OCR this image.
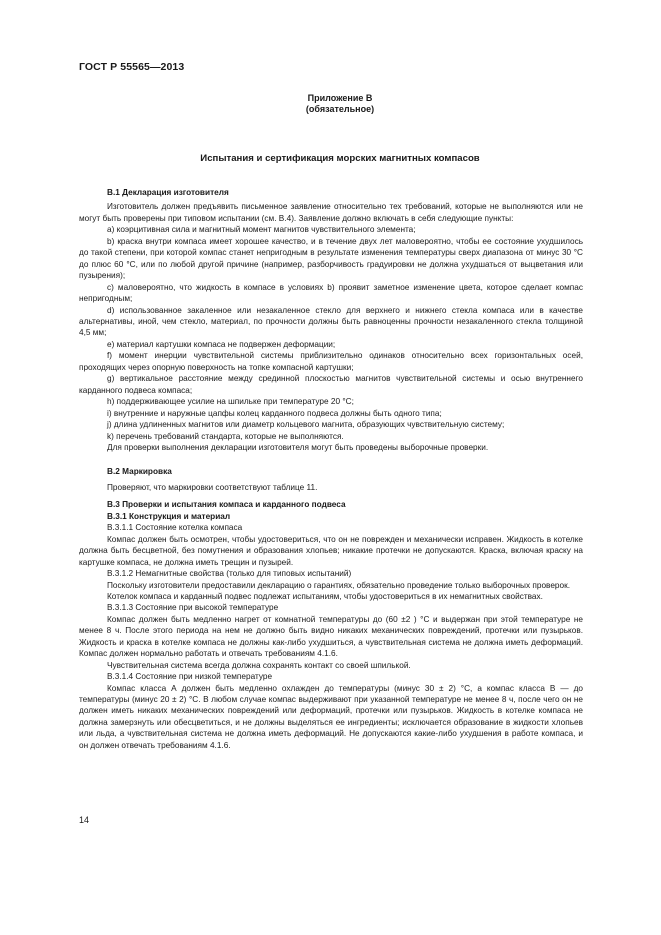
ГОСТ Р 55565—2013
Приложение В
(обязательное)
Испытания и сертификация морских магнитных компасов

В.1 Декларация изготовителя

Изготовитель должен предъявить письменное заявление относительно тех требований, которые не выполняются или не могут быть проверены при типовом испытании (см. В.4). Заявление должно включать в себя следующие пункты:

а) коэрцитивная сила и магнитный момент магнитов чувствительного элемента;

b) краска внутри компаса имеет хорошее качество, и в течение двух лет маловероятно, чтобы ее состояние ухудшилось до такой степени, при которой компас станет непригодным в результате изменения температуры сверх диапазона от минус 30 °C до плюс 60 °C, или по любой другой причине (например, разборчивость градуировки не должна ухудшаться от выцветания или пузырения);

с) маловероятно, что жидкость в компасе в условиях b) проявит заметное изменение цвета, которое сделает компас непригодным;

d) использованное закаленное или незакаленное стекло для верхнего и нижнего стекла компаса или в качестве альтернативы, иной, чем стекло, материал, по прочности должны быть равноценны прочности незакаленного стекла толщиной 4,5 мм;

e) материал картушки компаса не подвержен деформации;

f) момент инерции чувствительной системы приблизительно одинаков относительно всех горизонтальных осей, проходящих через опорную поверхность на топке компасной картушки;

g) вертикальное расстояние между срединной плоскостью магнитов чувствительной системы и осью внутреннего карданного подвеса компаса;

h) поддерживающее усилие на шпильке при температуре 20 °C;

i) внутренние и наружные цапфы колец карданного подвеса должны быть одного типа;

j) длина удлиненных магнитов или диаметр кольцевого магнита, образующих чувствительную систему;

k) перечень требований стандарта, которые не выполняются.

Для проверки выполнения декларации изготовителя могут быть проведены выборочные проверки.

В.2 Маркировка

Проверяют, что маркировки соответствуют таблице 11.

В.3 Проверки и испытания компаса и карданного подвеса

В.3.1 Конструкция и материал

В.3.1.1 Состояние котелка компаса

Компас должен быть осмотрен, чтобы удостовериться, что он не поврежден и механически исправен. Жидкость в котелке должна быть бесцветной, без помутнения и образования хлопьев; никакие протечки не допускаются. Краска, включая краску на картушке компаса, не должна иметь трещин и пузырей.

В.3.1.2 Немагнитные свойства (только для типовых испытаний)

Поскольку изготовители предоставили декларацию о гарантиях, обязательно проведение только выборочных проверок.

Котелок компаса и карданный подвес подлежат испытаниям, чтобы удостовериться в их немагнитных свойствах.

В.3.1.3 Состояние при высокой температуре

Компас должен быть медленно нагрет от комнатной температуры до (60 ±2 ) °C и выдержан при этой температуре не менее 8 ч. После этого периода на нем не должно быть видно никаких механических повреждений, протечки или пузырьков. Жидкость и краска в котелке компаса не должны как-либо ухудшиться, а чувствительная система не должна иметь деформаций. Компас должен нормально работать и отвечать требованиям 4.1.6.

Чувствительная система всегда должна сохранять контакт со своей шпилькой.

В.3.1.4 Состояние при низкой температуре

Компас класса А должен быть медленно охлажден до температуры (минус 30 ± 2) °C, а компас класса В — до температуры (минус 20 ± 2) °C. В любом случае компас выдерживают при указанной температуре не менее 8 ч, после чего он не должен иметь никаких механических повреждений или деформаций, протечки или пузырьков. Жидкость в котелке компаса не должна замерзнуть или обесцветиться, и не должны выделяться ее ингредиенты; исключается образование в жидкости хлопьев или льда, а чувствительная система не должна иметь деформаций. Не допускаются какие-либо ухудшения в работе компаса, и он должен отвечать требованиям 4.1.6.

14
